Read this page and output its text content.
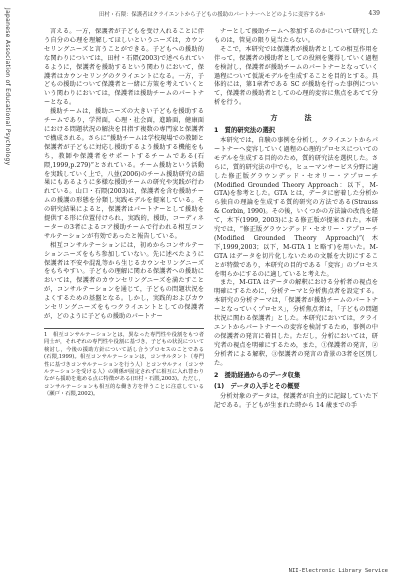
Japanese Association of Educational Psychology	田村・石隈：保護者はクライエントから子どもの援助のパートナーへとどのように変容するか	439

言える。一方，保護者が子どもを受け入れることに伴う自分の心理を理解してほしいというニーズは，カウンセリングニーズと言うことができる。子どもへの援助的な関わりについては，田村・石隈(2003)で述べられているように，保護者を援助するという関わりにおいて，保護者はカウンセリングのクライエントになる。一方，子どもの援助について保護者と一緒に方策を考えていくという関わりにおいては，保護者は援助チームのパートナーとなる。

援助チームは，援助ニーズの大きい子どもを援助するチームであり，学習面，心理・社会面，進路面，健康面における問題状況の解決を目指す複数の専門家と保護者で構成される。さらに“援助チームは学校現場での教師と保護者が子どもに対応し援助するよう援助する機能をもち，教師や保護者をサポートするチームである(石隈,1999,p.279)”とされている。チーム援助という活動を実践していく上で，八並(2006)のチーム援助研究の結果にもあるように多様な援助チームの研究や実践が行われている。山口・石隈(2003)は，保護者を含む援助チームの援護の形態を分類し実践モデルを提案している。その研究結果によると，保護者はパートナーとして援助を提供する形に位置付けられ，実践的，援助，コーディネーターの3者によるコア援助チームで行われる相互コンサルテーションが有効であったと報告している。

相互コンサルテーションには，初めからコンサルテーションニーズをもち参加していない。先に述べたように保護者は不安や混乱等から生じるカウンセリングニーズをもちやすい。子どもの理解に関わる保護者への援助においては，保護者のカウンセリングニーズを満たすことが，コンサルテーションを通じて，子どもの問題状況をよくするための基盤となる。しかし，実践的およびカウンセリングニーズをもつクライエントとしての保護者が，どのように子どもの援助のパートナー

1　相互コンサルテーションとは，異なった専門性や役割をもつ者同士が，それぞれの専門性や役割に基づき，子どもの状況について検討し，今後の援助方針について話し合うプロセスのことである(石隈,1999)。相互コンサルテーションは，コンサルタント（専門性に基づきコンサルテーションを行う人）とコンサルティ（コンサルテーションを受ける人）の関係が固定されずに相互に入れ替わりながら援助を進める点に特徴がある(田村・石隈,2003)。ただし，コンサルテーションも相互的な働き方を伴うことに注意している（瀬戸・石隈,2002)。

ナーとして援助チームへ参加するのかについて研究したものは，管見の限り見当たらない。

そこで，本研究では保護者が援助者としての相互作用を伴って，保護者の援助者としての役割を獲得していく過程を検討し，保護者が援助チームのパートナーとなっていく過程について仮説モデルを生成することを目的とする。具体的には，第1章者である SC が援助を行った事例について，保護者の援助者としての心理的変容に焦点をあてて分析を行う。

方　法
1　質的研究法の選択

本研究では，自験の事例を分析し，クライエントからパートナーへ変容していく過程の心理的プロセスについてのモデルを生成する目的のため，質的研究法を選択した。さらに，質的研究法の中でも，ヒューマンサービス分野に適した修正版グラウンデッド・セオリー・アプローチ(Modified Grounded Theory Approach：以下，M-GTA)を参考とした。GTA とは，データに密着した分析から独自の理論を生成する質的研究の方法である(Strauss & Corbin, 1990)。その後，いくつかの方法論の改良を経て，木下(1999, 2003)による修正版が提案された。本研究では，“修正版グラウンデッド・セオリー・アプローチ(Modified Grounded Theory Approach)”(木下,1999,2003；以下，M-GTA 1 と略す)を用いた。M-GTA はデータを切片化しないための文脈を大切にすることが特徴であり，本研究の目的である「変容」のプロセスを明らかにするのに適していると考えた。

また，M-GTA はデータの解釈における分析者の視点を明確にするために，分析テーマと分析焦点者を設定する。本研究の分析テーマは，「保護者が援助チームのパートナーとなっていくプロセス」，分析焦点者は，「子どもの問題状況に関わる保護者」とした。本研究においては，クライエントからパートナーへの変容を検討するため，事例の中の保護者の発言に着目した。ただし，分析においては，研究者の視点を明確にするため，また，①保護者の発言，②分析者による解釈，③保護者の発言の背景の3者を区別した。

2　援助経過からのデータ収集
(1)　データの入手とその概要

分析対象のデータは，保護者が自主的に記録していた下記である。子どもが生まれた時から 14 歳までの手

NII-Electronic Library Service
